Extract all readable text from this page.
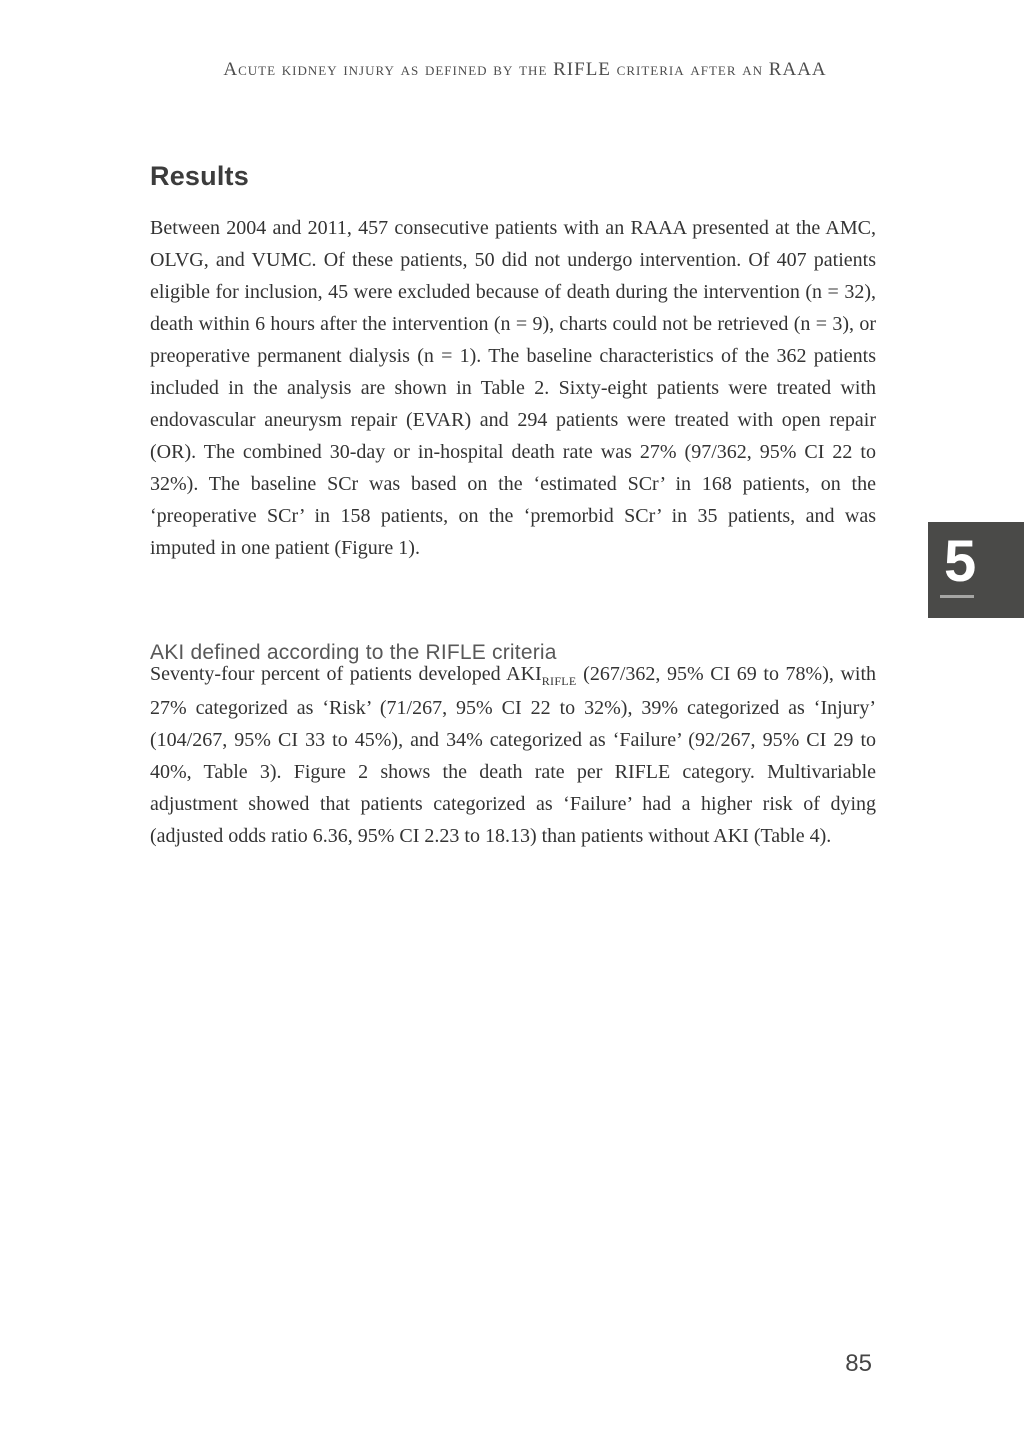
Acute kidney injury as defined by the RIFLE criteria after an RAAA
Results

Between 2004 and 2011, 457 consecutive patients with an RAAA presented at the AMC, OLVG, and VUMC. Of these patients, 50 did not undergo intervention. Of 407 patients eligible for inclusion, 45 were excluded because of death during the intervention (n = 32), death within 6 hours after the intervention (n = 9), charts could not be retrieved (n = 3), or preoperative permanent dialysis (n = 1). The baseline characteristics of the 362 patients included in the analysis are shown in Table 2. Sixty-eight patients were treated with endovascular aneurysm repair (EVAR) and 294 patients were treated with open repair (OR). The combined 30-day or in-hospital death rate was 27% (97/362, 95% CI 22 to 32%). The baseline SCr was based on the ‘estimated SCr’ in 168 patients, on the ‘preoperative SCr’ in 158 patients, on the ‘premorbid SCr’ in 35 patients, and was imputed in one patient (Figure 1).

AKI defined according to the RIFLE criteria

Seventy-four percent of patients developed $AKI_{RIFLE}$ (267/362, 95% CI 69 to 78%), with 27% categorized as ‘Risk’ (71/267, 95% CI 22 to 32%), 39% categorized as ‘Injury’ (104/267, 95% CI 33 to 45%), and 34% categorized as ‘Failure’ (92/267, 95% CI 29 to 40%, Table 3). Figure 2 shows the death rate per RIFLE category. Multivariable adjustment showed that patients categorized as ‘Failure’ had a higher risk of dying (adjusted odds ratio 6.36, 95% CI 2.23 to 18.13) than patients without AKI (Table 4).

5
85
